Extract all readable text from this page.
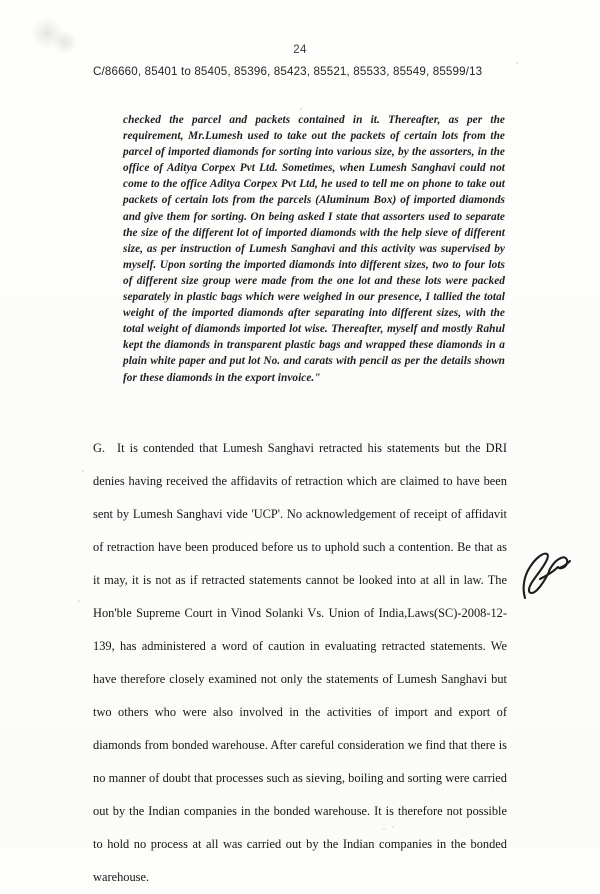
24
C/86660, 85401 to 85405, 85396, 85423, 85521, 85533, 85549, 85599/13

checked the parcel and packets contained in it. Thereafter, as per the requirement, Mr.Lumesh used to take out the packets of certain lots from the parcel of imported diamonds for sorting into various size, by the assorters, in the office of Aditya Corpex Pvt Ltd. Sometimes, when Lumesh Sanghavi could not come to the office Aditya Corpex Pvt Ltd, he used to tell me on phone to take out packets of certain lots from the parcels (Aluminum Box) of imported diamonds and give them for sorting. On being asked I state that assorters used to separate the size of the different lot of imported diamonds with the help sieve of different size, as per instruction of Lumesh Sanghavi and this activity was supervised by myself. Upon sorting the imported diamonds into different sizes, two to four lots of different size group were made from the one lot and these lots were packed separately in plastic bags which were weighed in our presence, I tallied the total weight of the imported diamonds after separating into different sizes, with the total weight of diamonds imported lot wise. Thereafter, myself and mostly Rahul kept the diamonds in transparent plastic bags and wrapped these diamonds in a plain white paper and put lot No. and carats with pencil as per the details shown for these diamonds in the export invoice."

G. It is contended that Lumesh Sanghavi retracted his statements but the DRI denies having received the affidavits of retraction which are claimed to have been sent by Lumesh Sanghavi vide 'UCP'. No acknowledgement of receipt of affidavit of retraction have been produced before us to uphold such a contention. Be that as it may, it is not as if retracted statements cannot be looked into at all in law. The Hon'ble Supreme Court in Vinod Solanki Vs. Union of India,Laws(SC)-2008-12-139, has administered a word of caution in evaluating retracted statements. We have therefore closely examined not only the statements of Lumesh Sanghavi but two others who were also involved in the activities of import and export of diamonds from bonded warehouse. After careful consideration we find that there is no manner of doubt that processes such as sieving, boiling and sorting were carried out by the Indian companies in the bonded warehouse. It is therefore not possible to hold no process at all was carried out by the Indian companies in the bonded warehouse.
